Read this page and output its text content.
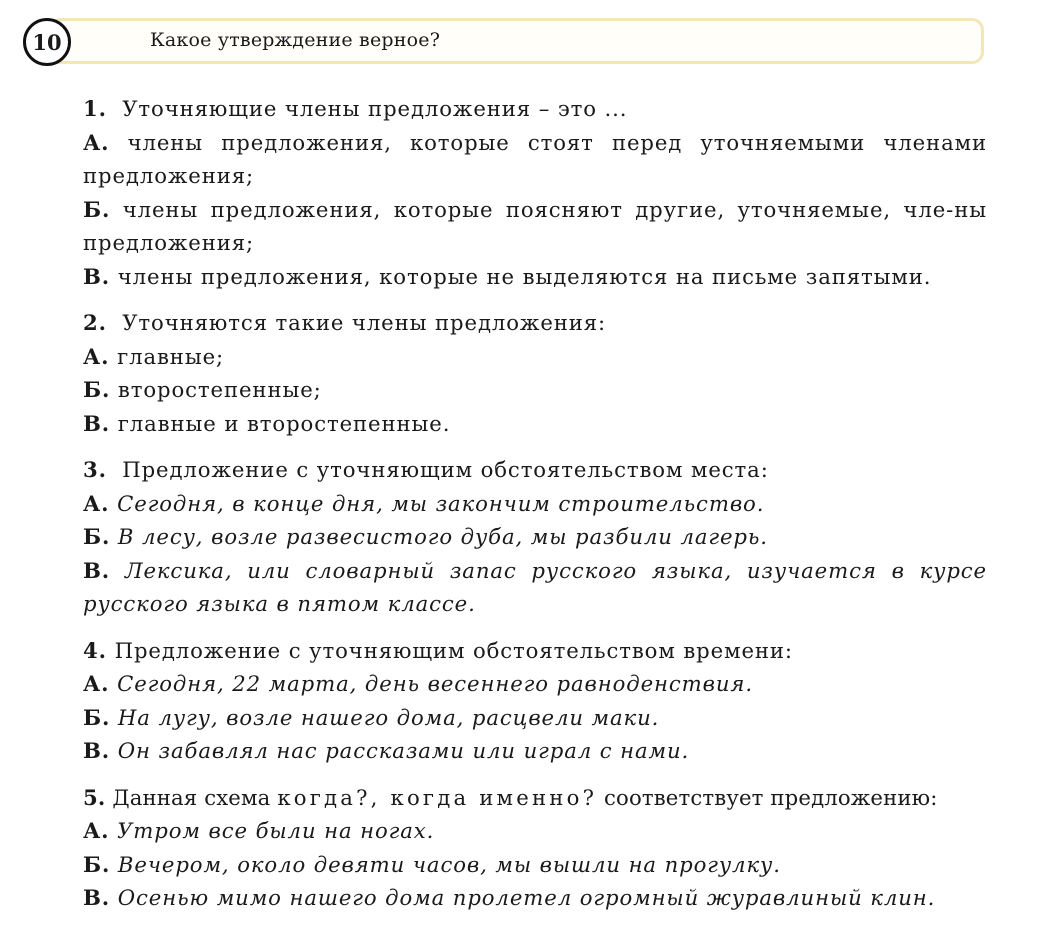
10	Какое утверждение верное?
1. Уточняющие члены предложения – это ...
А. члены предложения, которые стоят перед уточняемыми членами предложения;
Б. члены предложения, которые поясняют другие, уточняемые, чле-ны предложения;
В. члены предложения, которые не выделяются на письме запятыми.
2. Уточняются такие члены предложения:
А. главные;
Б. второстепенные;
В. главные и второстепенные.
3. Предложение с уточняющим обстоятельством места:
А. Сегодня, в конце дня, мы закончим строительство.
Б. В лесу, возле развесистого дуба, мы разбили лагерь.
В. Лексика, или словарный запас русского языка, изучается в курсе русского языка в пятом классе.
4. Предложение с уточняющим обстоятельством времени:
А. Сегодня, 22 марта, день весеннего равноденствия.
Б. На лугу, возле нашего дома, расцвели маки.
В. Он забавлял нас рассказами или играл с нами.
5. Данная схема когда?, когда именно? соответствует предложению:
А. Утром все были на ногах.
Б. Вечером, около девяти часов, мы вышли на прогулку.
В. Осенью мимо нашего дома пролетел огромный журавлиный клин.
